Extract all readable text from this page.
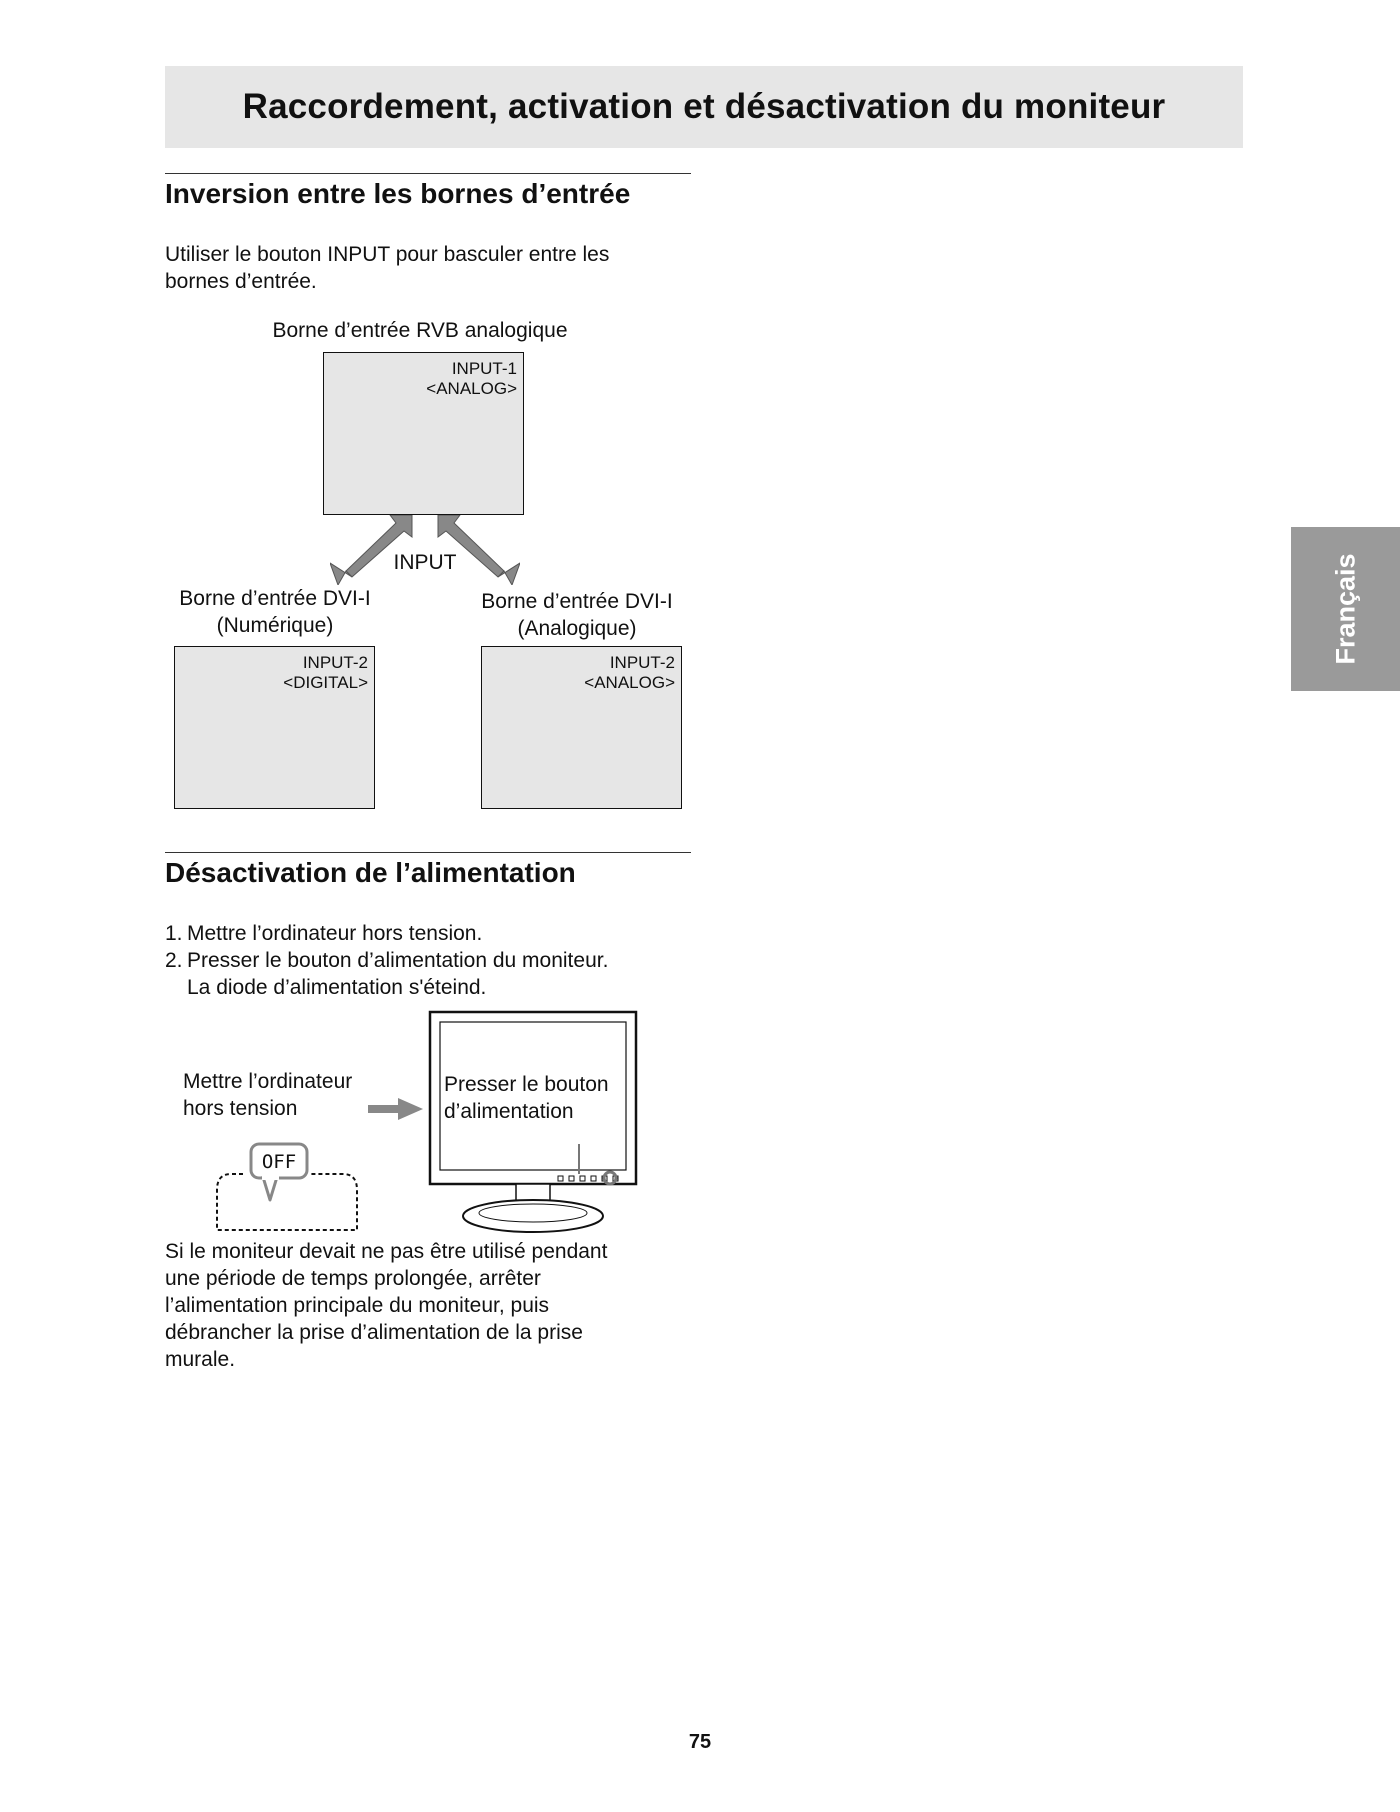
Raccordement, activation et désactivation du moniteur
Français
Inversion entre les bornes d’entrée
Utiliser le bouton INPUT pour basculer entre les
bornes d’entrée.
Borne d’entrée RVB analogique
INPUT-1
<ANALOG>
INPUT
Borne d’entrée DVI-I
(Numérique)
Borne d’entrée DVI-I
(Analogique)
INPUT-2
<DIGITAL>
INPUT-2
<ANALOG>
Désactivation de l’alimentation
1. Mettre l’ordinateur hors tension.
2. Presser le bouton d’alimentation du moniteur.
La diode d’alimentation s'éteind.
Mettre l’ordinateur
hors tension
OFF
Presser le bouton
d’alimentation
Si le moniteur devait ne pas être utilisé pendant
une période de temps prolongée, arrêter
l’alimentation principale du moniteur, puis
débrancher la prise d’alimentation de la prise
murale.
75
